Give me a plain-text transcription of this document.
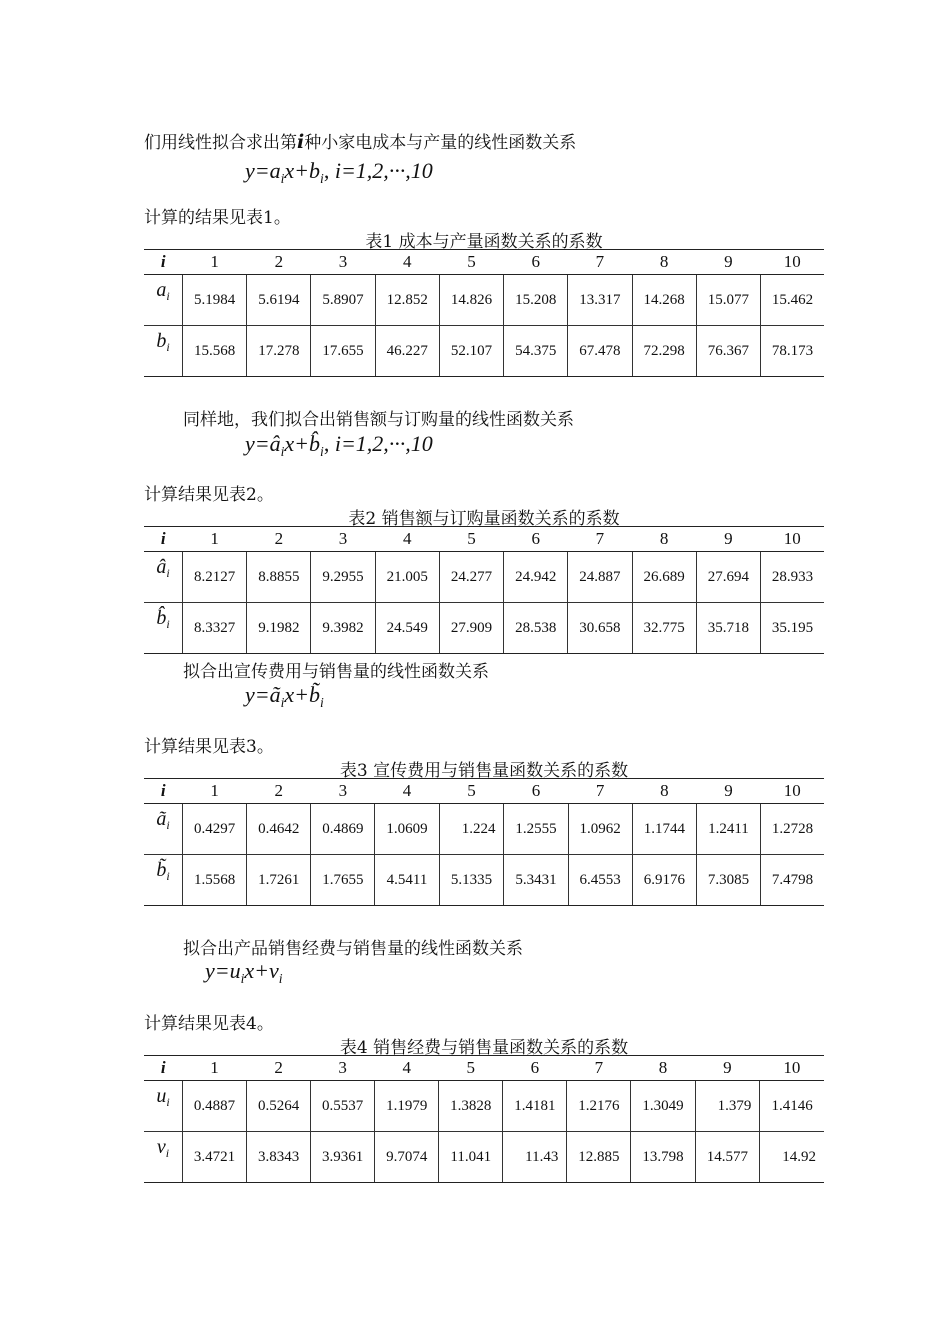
们用线性拟合求出第i种小家电成本与产量的线性函数关系
$y=a_ix+b_i$, i=1,2,···,10
计算的结果见表1。
表1 成本与产量函数关系的系数
i	1	2	3	4	5	6	7	8	9	10
$a_i$	5.1984	5.6194	5.8907	12.852	14.826	15.208	13.317	14.268	15.077	15.462
$b_i$	15.568	17.278	17.655	46.227	52.107	54.375	67.478	72.298	76.367	78.173
同样地，我们拟合出销售额与订购量的线性函数关系
$y=â_ix+b̂_i$, i=1,2,···,10
计算结果见表2。
表2 销售额与订购量函数关系的系数
i	1	2	3	4	5	6	7	8	9	10
$â_i$	8.2127	8.8855	9.2955	21.005	24.277	24.942	24.887	26.689	27.694	28.933
$b̂_i$	8.3327	9.1982	9.3982	24.549	27.909	28.538	30.658	32.775	35.718	35.195
拟合出宣传费用与销售量的线性函数关系
$y=ã_ix+b̃_i$
计算结果见表3。
表3 宣传费用与销售量函数关系的系数
i	1	2	3	4	5	6	7	8	9	10
$ã_i$	0.4297	0.4642	0.4869	1.0609	1.224	1.2555	1.0962	1.1744	1.2411	1.2728
$b̃_i$	1.5568	1.7261	1.7655	4.5411	5.1335	5.3431	6.4553	6.9176	7.3085	7.4798
拟合出产品销售经费与销售量的线性函数关系
$y=u_ix+v_i$
计算结果见表4。
表4 销售经费与销售量函数关系的系数
i	1	2	3	4	5	6	7	8	9	10
$u_i$	0.4887	0.5264	0.5537	1.1979	1.3828	1.4181	1.2176	1.3049	1.379	1.4146
$v_i$	3.4721	3.8343	3.9361	9.7074	11.041	11.43	12.885	13.798	14.577	14.92
